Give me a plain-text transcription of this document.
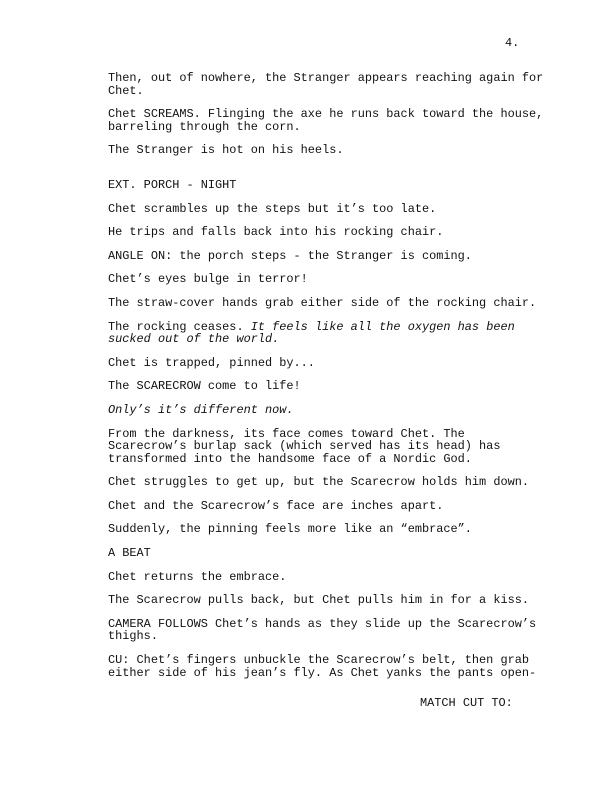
4.

Then, out of nowhere, the Stranger appears reaching again for
Chet.

Chet SCREAMS. Flinging the axe he runs back toward the house,
barreling through the corn.

The Stranger is hot on his heels.

EXT. PORCH - NIGHT

Chet scrambles up the steps but it’s too late.

He trips and falls back into his rocking chair.

ANGLE ON: the porch steps - the Stranger is coming.

Chet’s eyes bulge in terror!

The straw-cover hands grab either side of the rocking chair.

The rocking ceases. It feels like all the oxygen has been
sucked out of the world.

Chet is trapped, pinned by...

The SCARECROW come to life!

Only’s it’s different now.

From the darkness, its face comes toward Chet. The
Scarecrow’s burlap sack (which served has its head) has
transformed into the handsome face of a Nordic God.

Chet struggles to get up, but the Scarecrow holds him down.

Chet and the Scarecrow’s face are inches apart.

Suddenly, the pinning feels more like an “embrace”.

A BEAT

Chet returns the embrace.

The Scarecrow pulls back, but Chet pulls him in for a kiss.

CAMERA FOLLOWS Chet’s hands as they slide up the Scarecrow’s
thighs.

CU: Chet’s fingers unbuckle the Scarecrow’s belt, then grab
either side of his jean’s fly. As Chet yanks the pants open-

MATCH CUT TO:
